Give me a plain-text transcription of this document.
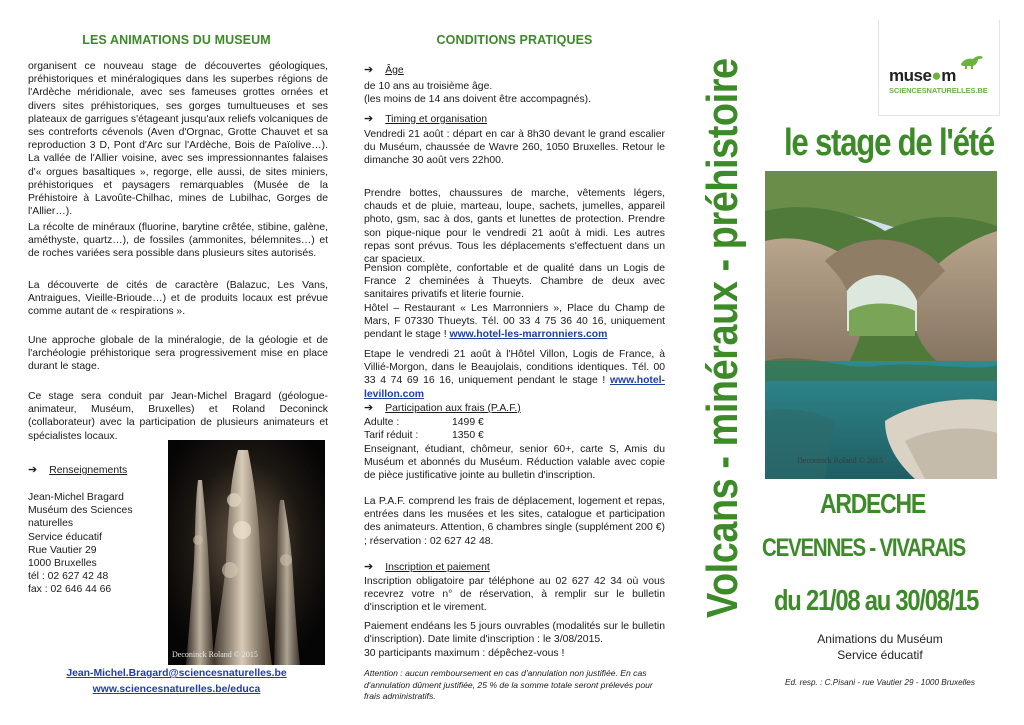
LES ANIMATIONS DU MUSEUM

organisent ce nouveau stage de découvertes géologiques, préhistoriques et minéralogiques dans les superbes régions de l'Ardèche méridionale, avec ses fameuses grottes ornées et divers sites préhistoriques, ses gorges tumultueuses et ses plateaux de garrigues s'étageant jusqu'aux reliefs volcaniques de ses contreforts cévenols (Aven d'Orgnac, Grotte Chauvet et sa reproduction 3 D, Pont d'Arc sur l'Ardèche, Bois de Païolive…). La vallée de l'Allier voisine, avec ses impressionnantes falaises d'« orgues basaltiques », regorge, elle aussi, de sites miniers, préhistoriques et paysagers remarquables (Musée de la Préhistoire à Lavoûte-Chilhac, mines de Lubilhac, Gorges de l'Allier…).

La récolte de minéraux (fluorine, barytine crêtée, stibine, galène, améthyste, quartz…), de fossiles (ammonites, bélemnites…) et de roches variées sera possible dans plusieurs sites autorisés.

La découverte de cités de caractère (Balazuc, Les Vans, Antraigues, Vieille-Brioude…) et de produits locaux est prévue comme autant de « respirations ».

Une approche globale de la minéralogie, de la géologie et de l'archéologie préhistorique sera progressivement mise en place durant le stage.

Ce stage sera conduit par Jean-Michel Bragard (géologue-animateur, Muséum, Bruxelles) et Roland Deconinck (collaborateur) avec la participation de plusieurs animateurs et spécialistes locaux.

➔ Renseignements
Jean-Michel Bragard
Muséum des Sciences naturelles
Service éducatif
Rue Vautier 29
1000 Bruxelles
tél : 02 627 42 48
fax : 02 646 44 66
Deconinck Roland © 2015
Jean-Michel.Bragard@sciencesnaturelles.be
www.sciencesnaturelles.be/educa
CONDITIONS PRATIQUES
➔ Âge
de 10 ans au troisième âge.
(les moins de 14 ans doivent être accompagnés).
➔ Timing et organisation

Vendredi 21 août : départ en car à 8h30 devant le grand escalier du Muséum, chaussée de Wavre 260, 1050 Bruxelles. Retour le dimanche 30 août vers 22h00.

Prendre bottes, chaussures de marche, vêtements légers, chauds et de pluie, marteau, loupe, sachets, jumelles, appareil photo, gsm, sac à dos, gants et lunettes de protection. Prendre son pique-nique pour le vendredi 21 août à midi. Les autres repas sont prévus. Tous les déplacements s'effectuent dans un car spacieux.

Pension complète, confortable et de qualité dans un Logis de France 2 cheminées à Thueyts. Chambre de deux avec sanitaires privatifs et literie fournie.

Hôtel – Restaurant « Les Marronniers », Place du Champ de Mars, F 07330 Thueyts. Tél. 00 33 4 75 36 40 16, uniquement pendant le stage ! www.hotel-les-marronniers.com

Etape le vendredi 21 août à l'Hôtel Villon, Logis de France, à Villié-Morgon, dans le Beaujolais, conditions identiques. Tél. 00 33 4 74 69 16 16, uniquement pendant le stage ! www.hotel-levillon.com

➔ Participation aux frais (P.A.F.)
Adulte :	1499 €
Tarif réduit :	1350 €

Enseignant, étudiant, chômeur, senior 60+, carte S, Amis du Muséum et abonnés du Muséum. Réduction valable avec copie de pièce justificative jointe au bulletin d'inscription.

La P.A.F. comprend les frais de déplacement, logement et repas, entrées dans les musées et les sites, catalogue et participation des animateurs. Attention, 6 chambres single (supplément 200 €) ; réservation : 02 627 42 48.

➔ Inscription et paiement

Inscription obligatoire par téléphone au 02 627 42 34 où vous recevrez votre n° de réservation, à remplir sur le bulletin d'inscription et le virement.

Paiement endéans les 5 jours ouvrables (modalités sur le bulletin d'inscription). Date limite d'inscription : le 3/08/2015.

30 participants maximum : dépêchez-vous !

Attention : aucun remboursement en cas d'annulation non justifiée. En cas d'annulation dûment justifiée, 25 % de la somme totale seront prélevés pour frais administratifs.

Volcans - minéraux - préhistoire	muse●m
SCIENCESNATURELLES.BE
le stage de l'été
Deconinck Roland © 2015
ARDECHE
CEVENNES - VIVARAIS
du 21/08 au 30/08/15
Animations du Muséum
Service éducatif
Ed. resp. : C.Pisani - rue Vautier 29 - 1000 Bruxelles
